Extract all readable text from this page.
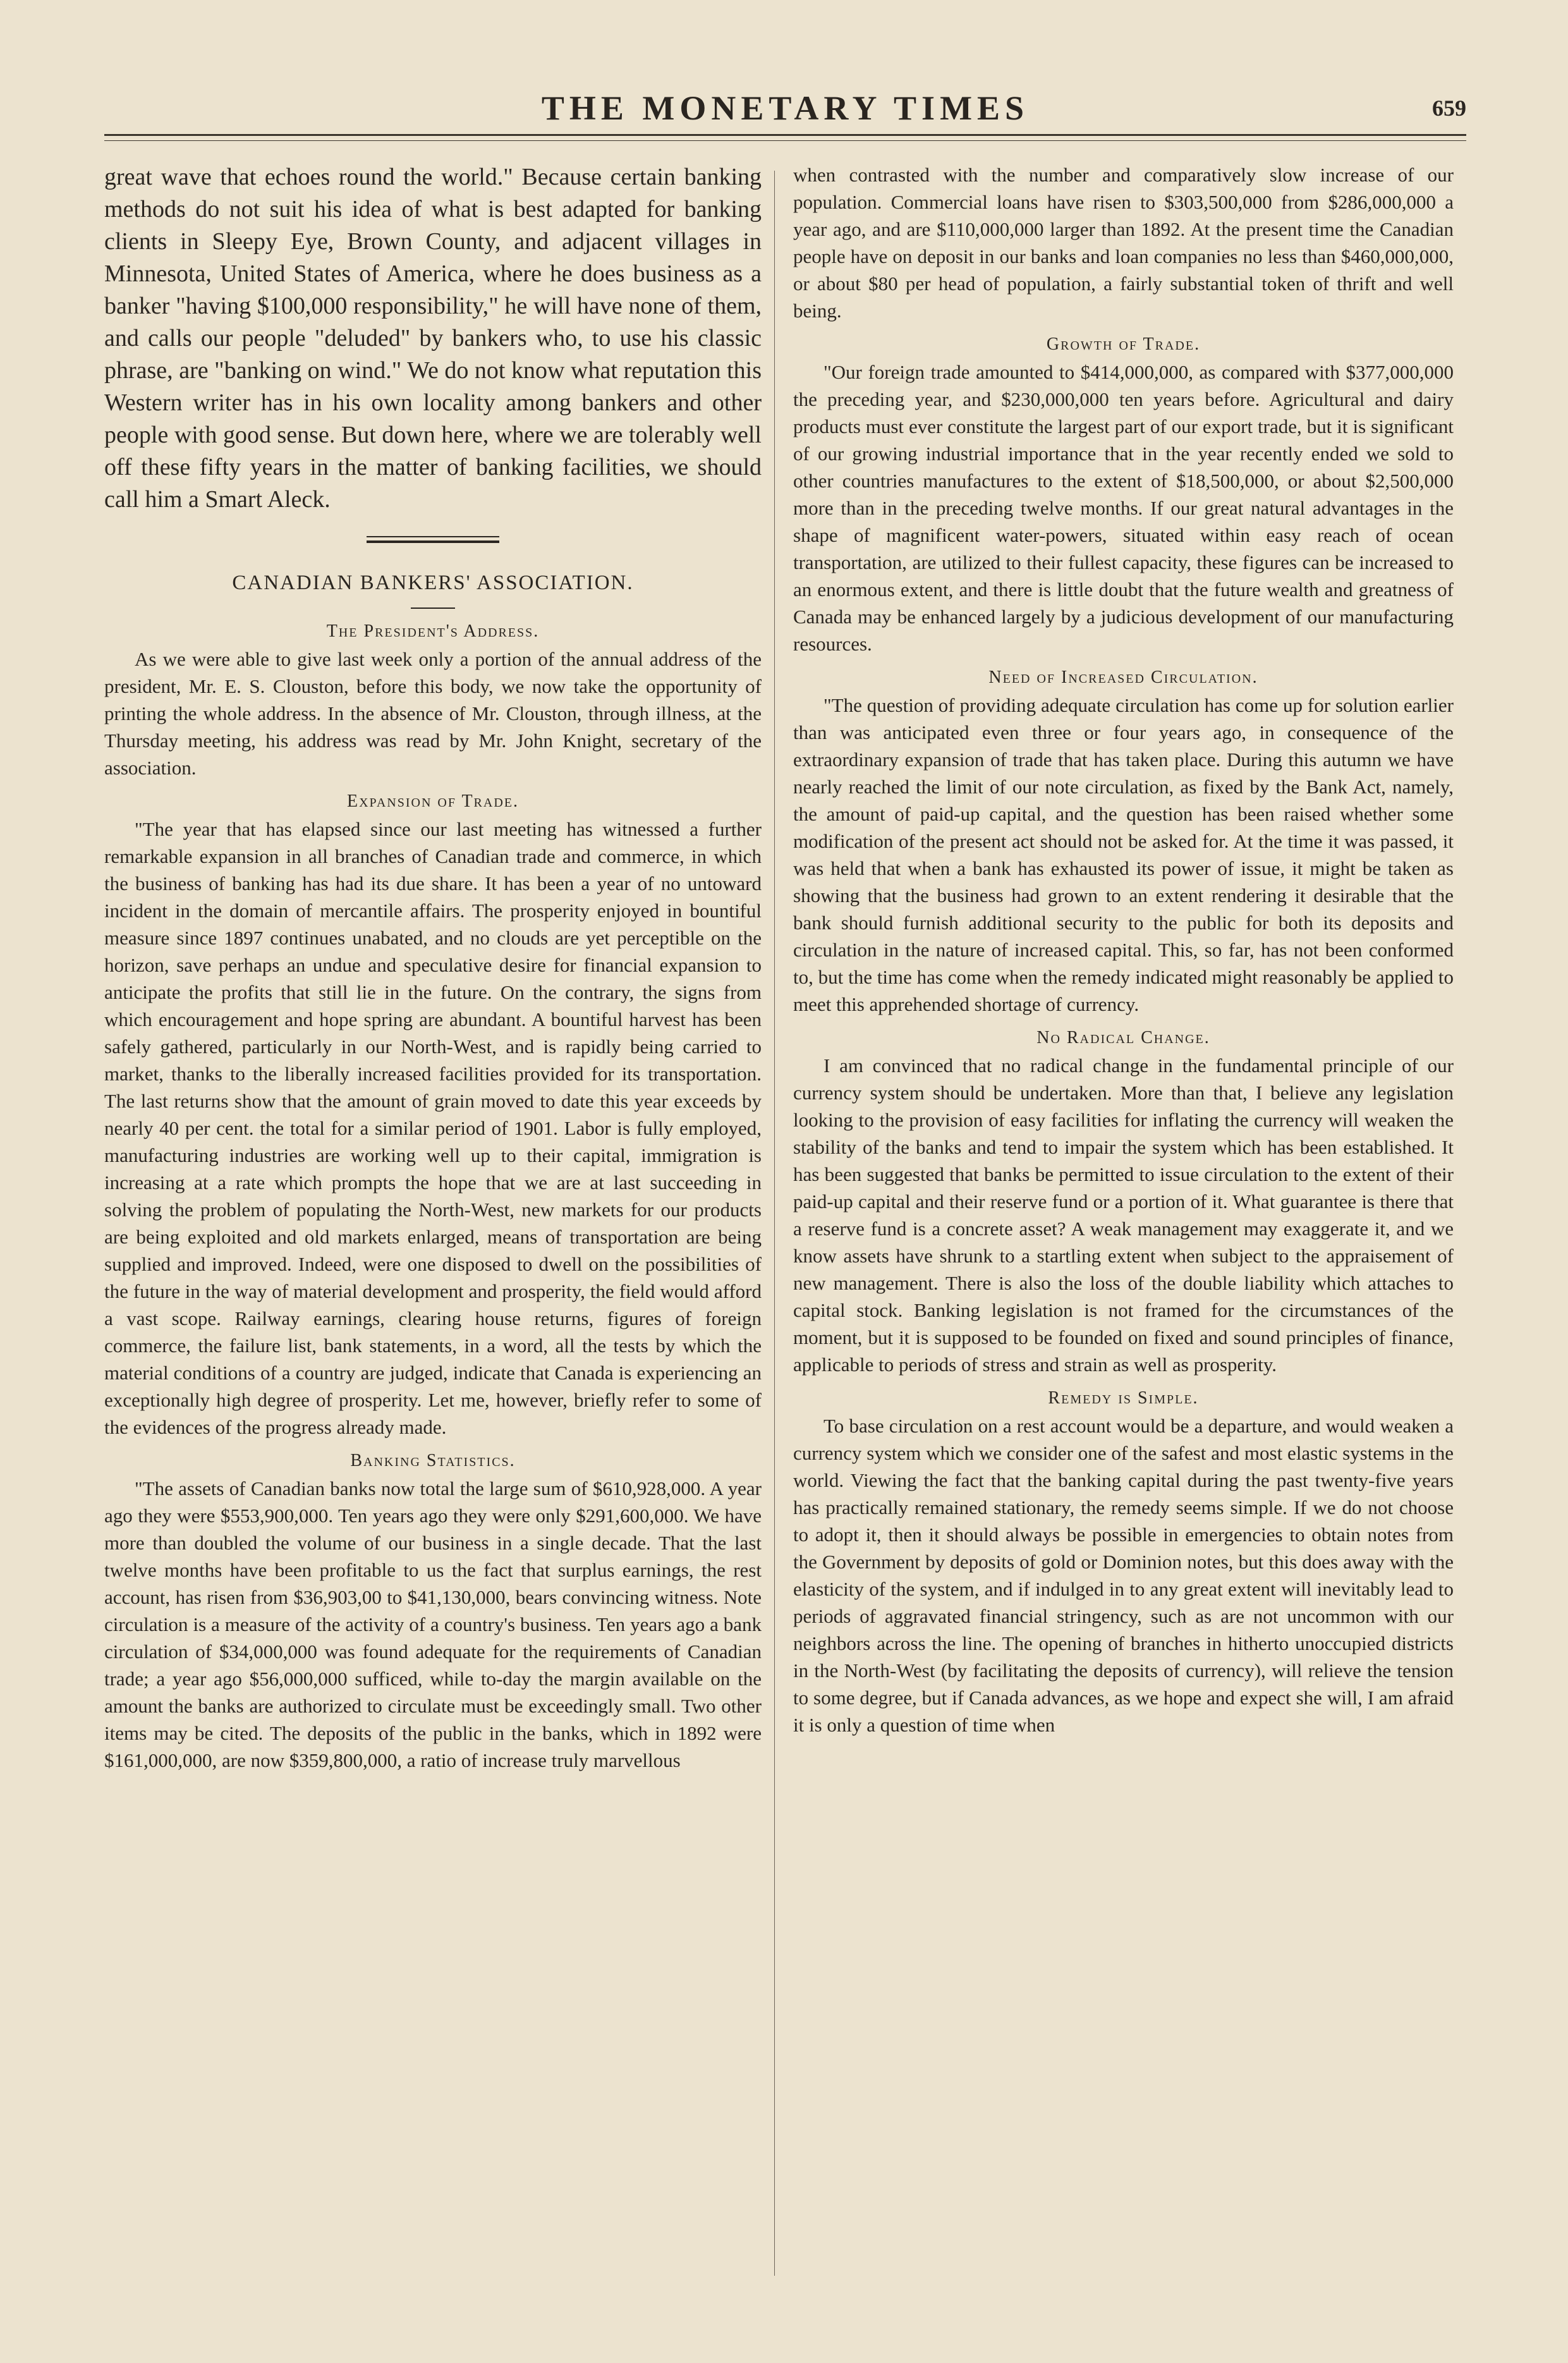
THE MONETARY TIMES	659

great wave that echoes round the world." Because certain banking methods do not suit his idea of what is best adapted for banking clients in Sleepy Eye, Brown County, and adjacent villages in Minnesota, United States of America, where he does business as a banker "having $100,000 responsibility," he will have none of them, and calls our people "deluded" by bankers who, to use his classic phrase, are "banking on wind." We do not know what reputation this Western writer has in his own locality among bankers and other people with good sense. But down here, where we are tolerably well off these fifty years in the matter of banking facilities, we should call him a Smart Aleck.

CANADIAN BANKERS' ASSOCIATION.
The President's Address.

As we were able to give last week only a portion of the annual address of the president, Mr. E. S. Clouston, before this body, we now take the opportunity of printing the whole address. In the absence of Mr. Clouston, through illness, at the Thursday meeting, his address was read by Mr. John Knight, secretary of the association.

Expansion of Trade.

"The year that has elapsed since our last meeting has witnessed a further remarkable expansion in all branches of Canadian trade and commerce, in which the business of banking has had its due share. It has been a year of no untoward incident in the domain of mercantile affairs. The prosperity enjoyed in bountiful measure since 1897 continues unabated, and no clouds are yet perceptible on the horizon, save perhaps an undue and speculative desire for financial expansion to anticipate the profits that still lie in the future. On the contrary, the signs from which encouragement and hope spring are abundant. A bountiful harvest has been safely gathered, particularly in our North-West, and is rapidly being carried to market, thanks to the liberally increased facilities provided for its transportation. The last returns show that the amount of grain moved to date this year exceeds by nearly 40 per cent. the total for a similar period of 1901. Labor is fully employed, manufacturing industries are working well up to their capital, immigration is increasing at a rate which prompts the hope that we are at last succeeding in solving the problem of populating the North-West, new markets for our products are being exploited and old markets enlarged, means of transportation are being supplied and improved. Indeed, were one disposed to dwell on the possibilities of the future in the way of material development and prosperity, the field would afford a vast scope. Railway earnings, clearing house returns, figures of foreign commerce, the failure list, bank statements, in a word, all the tests by which the material conditions of a country are judged, indicate that Canada is experiencing an exceptionally high degree of prosperity. Let me, however, briefly refer to some of the evidences of the progress already made.

Banking Statistics.

"The assets of Canadian banks now total the large sum of $610,928,000. A year ago they were $553,900,000. Ten years ago they were only $291,600,000. We have more than doubled the volume of our business in a single decade. That the last twelve months have been profitable to us the fact that surplus earnings, the rest account, has risen from $36,903,00 to $41,130,000, bears convincing witness. Note circulation is a measure of the activity of a country's business. Ten years ago a bank circulation of $34,000,000 was found adequate for the requirements of Canadian trade; a year ago $56,000,000 sufficed, while to-day the margin available on the amount the banks are authorized to circulate must be exceedingly small. Two other items may be cited. The deposits of the public in the banks, which in 1892 were $161,000,000, are now $359,800,000, a ratio of increase truly marvellous

when contrasted with the number and comparatively slow increase of our population. Commercial loans have risen to $303,500,000 from $286,000,000 a year ago, and are $110,000,000 larger than 1892. At the present time the Canadian people have on deposit in our banks and loan companies no less than $460,000,000, or about $80 per head of population, a fairly substantial token of thrift and well being.

Growth of Trade.

"Our foreign trade amounted to $414,000,000, as compared with $377,000,000 the preceding year, and $230,000,000 ten years before. Agricultural and dairy products must ever constitute the largest part of our export trade, but it is significant of our growing industrial importance that in the year recently ended we sold to other countries manufactures to the extent of $18,500,000, or about $2,500,000 more than in the preceding twelve months. If our great natural advantages in the shape of magnificent water-powers, situated within easy reach of ocean transportation, are utilized to their fullest capacity, these figures can be increased to an enormous extent, and there is little doubt that the future wealth and greatness of Canada may be enhanced largely by a judicious development of our manufacturing resources.

Need of Increased Circulation.

"The question of providing adequate circulation has come up for solution earlier than was anticipated even three or four years ago, in consequence of the extraordinary expansion of trade that has taken place. During this autumn we have nearly reached the limit of our note circulation, as fixed by the Bank Act, namely, the amount of paid-up capital, and the question has been raised whether some modification of the present act should not be asked for. At the time it was passed, it was held that when a bank has exhausted its power of issue, it might be taken as showing that the business had grown to an extent rendering it desirable that the bank should furnish additional security to the public for both its deposits and circulation in the nature of increased capital. This, so far, has not been conformed to, but the time has come when the remedy indicated might reasonably be applied to meet this apprehended shortage of currency.

No Radical Change.

I am convinced that no radical change in the fundamental principle of our currency system should be undertaken. More than that, I believe any legislation looking to the provision of easy facilities for inflating the currency will weaken the stability of the banks and tend to impair the system which has been established. It has been suggested that banks be permitted to issue circulation to the extent of their paid-up capital and their reserve fund or a portion of it. What guarantee is there that a reserve fund is a concrete asset? A weak management may exaggerate it, and we know assets have shrunk to a startling extent when subject to the appraisement of new management. There is also the loss of the double liability which attaches to capital stock. Banking legislation is not framed for the circumstances of the moment, but it is supposed to be founded on fixed and sound principles of finance, applicable to periods of stress and strain as well as prosperity.

Remedy is Simple.

To base circulation on a rest account would be a departure, and would weaken a currency system which we consider one of the safest and most elastic systems in the world. Viewing the fact that the banking capital during the past twenty-five years has practically remained stationary, the remedy seems simple. If we do not choose to adopt it, then it should always be possible in emergencies to obtain notes from the Government by deposits of gold or Dominion notes, but this does away with the elasticity of the system, and if indulged in to any great extent will inevitably lead to periods of aggravated financial stringency, such as are not uncommon with our neighbors across the line. The opening of branches in hitherto unoccupied districts in the North-West (by facilitating the deposits of currency), will relieve the tension to some degree, but if Canada advances, as we hope and expect she will, I am afraid it is only a question of time when
